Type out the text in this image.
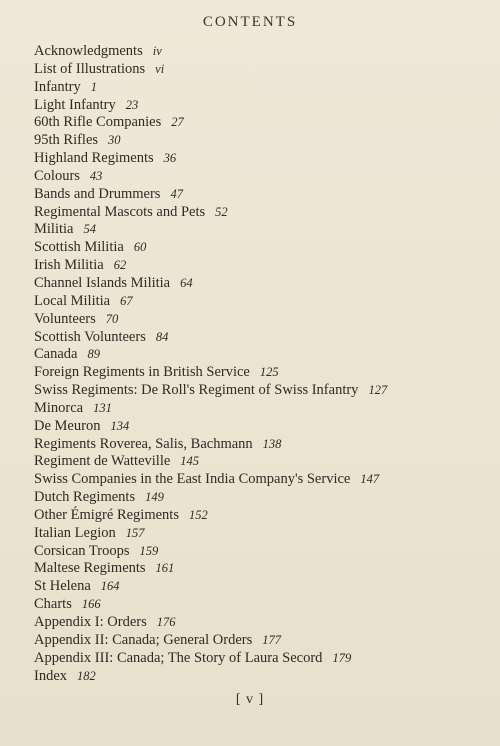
CONTENTS
Acknowledgments iv
List of Illustrations vi
Infantry 1
Light Infantry 23
60th Rifle Companies 27
95th Rifles 30
Highland Regiments 36
Colours 43
Bands and Drummers 47
Regimental Mascots and Pets 52
Militia 54
Scottish Militia 60
Irish Militia 62
Channel Islands Militia 64
Local Militia 67
Volunteers 70
Scottish Volunteers 84
Canada 89
Foreign Regiments in British Service 125
Swiss Regiments: De Roll's Regiment of Swiss Infantry 127
Minorca 131
De Meuron 134
Regiments Roverea, Salis, Bachmann 138
Regiment de Watteville 145
Swiss Companies in the East India Company's Service 147
Dutch Regiments 149
Other Émigré Regiments 152
Italian Legion 157
Corsican Troops 159
Maltese Regiments 161
St Helena 164
Charts 166
Appendix I: Orders 176
Appendix II: Canada; General Orders 177
Appendix III: Canada; The Story of Laura Secord 179
Index 182
[ v ]
